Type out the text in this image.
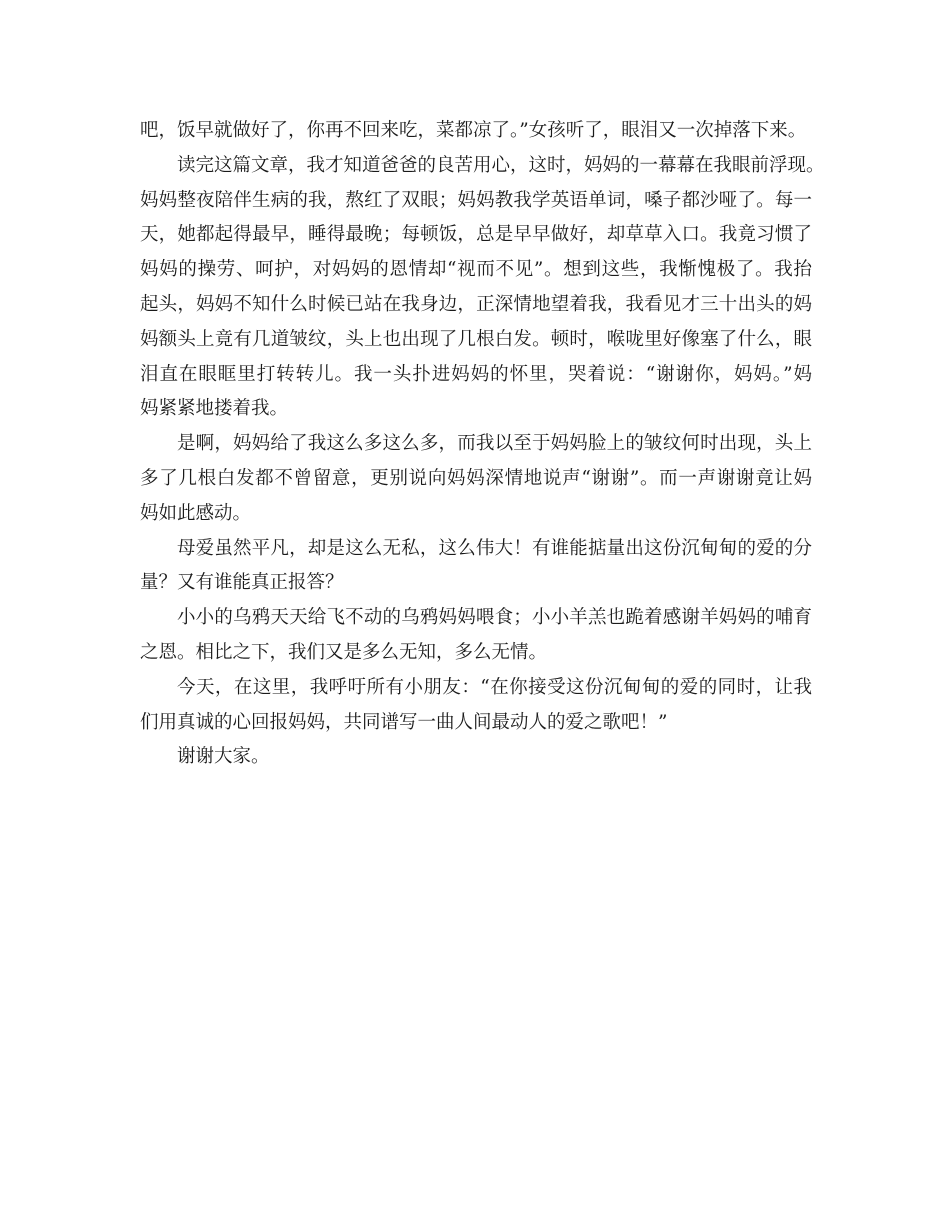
吧，饭早就做好了，你再不回来吃，菜都凉了。”女孩听了，眼泪又一次掉落下来。
读完这篇文章，我才知道爸爸的良苦用心，这时，妈妈的一幕幕在我眼前浮现。
妈妈整夜陪伴生病的我，熬红了双眼；妈妈教我学英语单词，嗓子都沙哑了。每一
天，她都起得最早，睡得最晚；每顿饭，总是早早做好，却草草入口。我竟习惯了
妈妈的操劳、呵护，对妈妈的恩情却“视而不见”。想到这些，我惭愧极了。我抬
起头，妈妈不知什么时候已站在我身边，正深情地望着我，我看见才三十出头的妈
妈额头上竟有几道皱纹，头上也出现了几根白发。顿时，喉咙里好像塞了什么，眼
泪直在眼眶里打转转儿。我一头扑进妈妈的怀里，哭着说：“谢谢你，妈妈。”妈
妈紧紧地搂着我。
是啊，妈妈给了我这么多这么多，而我以至于妈妈脸上的皱纹何时出现，头上
多了几根白发都不曾留意，更别说向妈妈深情地说声“谢谢”。而一声谢谢竟让妈
妈如此感动。
母爱虽然平凡，却是这么无私，这么伟大！有谁能掂量出这份沉甸甸的爱的分
量？又有谁能真正报答？
小小的乌鸦天天给飞不动的乌鸦妈妈喂食；小小羊羔也跪着感谢羊妈妈的哺育
之恩。相比之下，我们又是多么无知，多么无情。
今天，在这里，我呼吁所有小朋友：“在你接受这份沉甸甸的爱的同时，让我
们用真诚的心回报妈妈，共同谱写一曲人间最动人的爱之歌吧！”
谢谢大家。
